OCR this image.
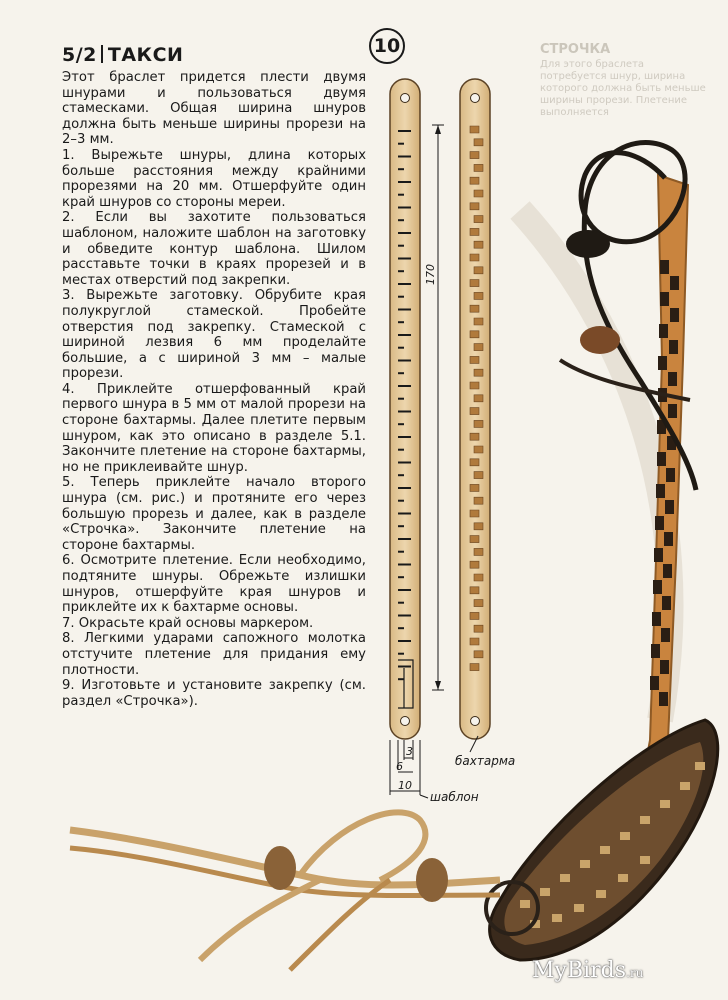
СТРОЧКА
Для этого браслета потребуется шнур, ширина которого должна быть меньше ширины прорези. Плетение выполняется
5/2 ТАКСИ	10

Этот браслет придется плести двумя шнурами и пользоваться двумя стамесками. Общая ширина шнуров должна быть меньше ширины прорези на 2–3 мм.

1. Вырежьте шнуры, длина которых больше расстояния между крайними прорезями на 20 мм. Отшерфуйте один край шнуров со стороны мереи.

2. Если вы захотите пользоваться шаблоном, наложите шаблон на заготовку и обведите контур шаблона. Шилом расставьте точки в краях прорезей и в местах отверстий под закрепки.

3. Вырежьте заготовку. Обрубите края полукруглой стамеской. Пробейте отверстия под закрепку. Стамеской с шириной лезвия 6 мм проделайте большие, а с шириной 3 мм – малые прорези.

4. Приклейте отшерфованный край первого шнура в 5 мм от малой прорези на стороне бахтармы. Далее плетите первым шнуром, как это описано в разделе 5.1. Закончите плетение на стороне бахтармы, но не приклеивайте шнур.

5. Теперь приклейте начало второго шнура (см. рис.) и протяните его через большую прорезь и далее, как в разделе «Строчка». Закончите плетение на стороне бахтармы.

6. Осмотрите плетение. Если необходимо, подтяните шнуры. Обрежьте излишки шнуров, отшерфуйте края шнуров и приклейте их к бахтарме основы.

7. Окрасьте край основы маркером.

8. Легкими ударами сапожного молотка отстучите плетение для придания ему плотности.

9. Изготовьте и установите закрепку (см. раздел «Строчка»).

170
3
6
10
шаблон
бахтарма
MyBirds.ru
